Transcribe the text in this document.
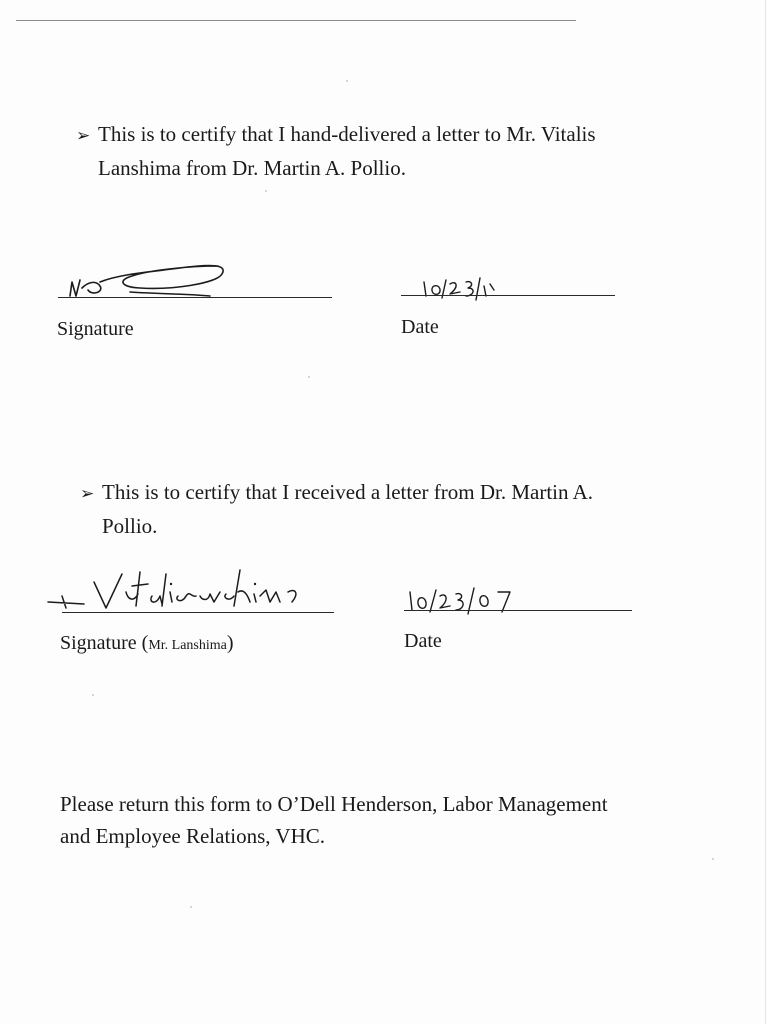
➢ This is to certify that I hand-delivered a letter to Mr. Vitalis
Lanshima from Dr. Martin A. Pollio.
Signature	Date
➢ This is to certify that I received a letter from Dr. Martin A.
Pollio.
Signature (Mr. Lanshima)	Date
Please return this form to O’Dell Henderson, Labor Management
and Employee Relations, VHC.
